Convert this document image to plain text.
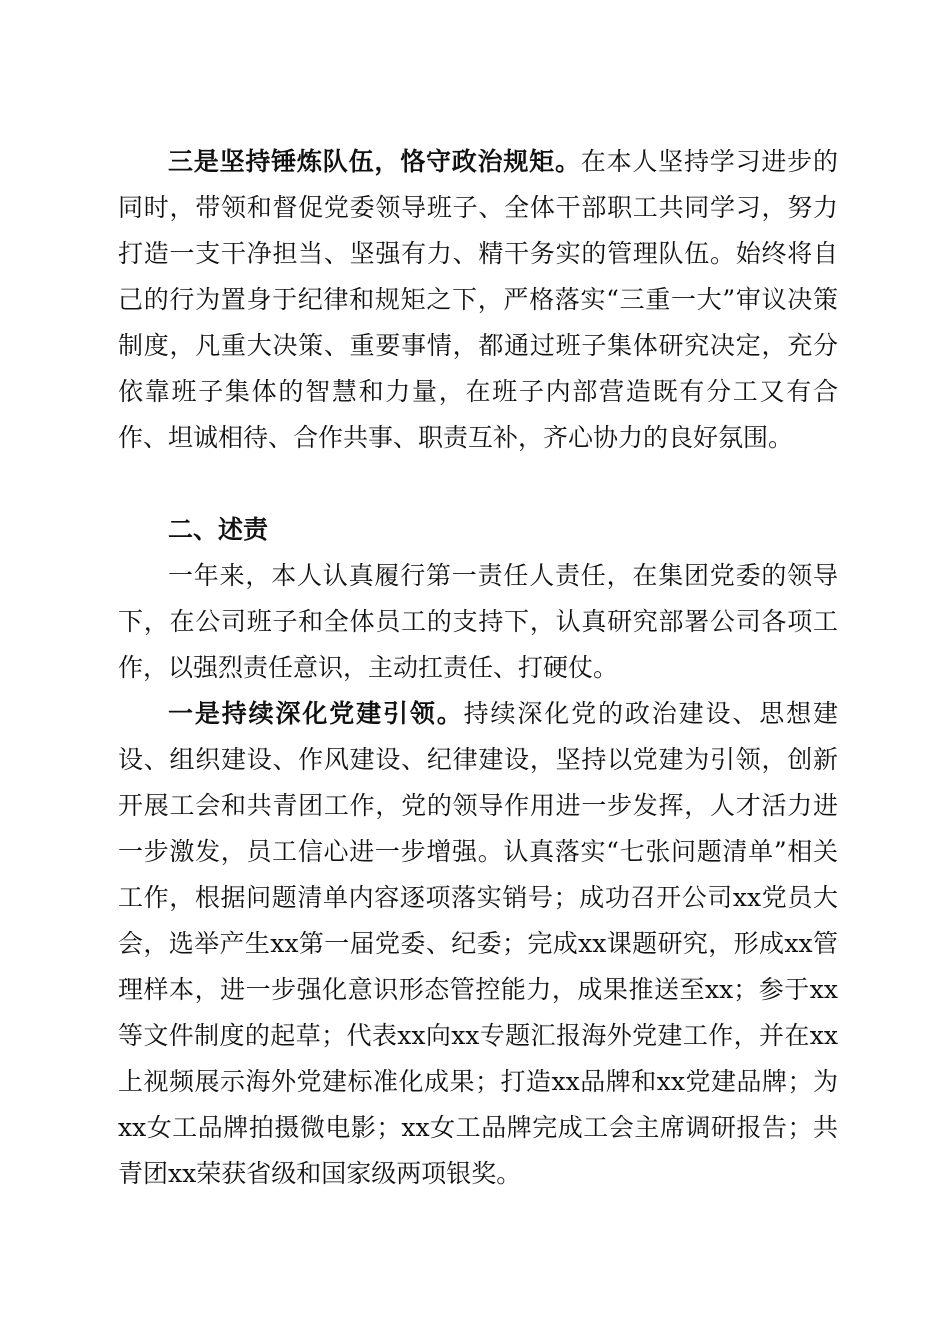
三是坚持锤炼队伍，恪守政治规矩。在本人坚持学习进步的同时，带领和督促党委领导班子、全体干部职工共同学习，努力打造一支干净担当、坚强有力、精干务实的管理队伍。始终将自己的行为置身于纪律和规矩之下，严格落实“三重一大”审议决策制度，凡重大决策、重要事情，都通过班子集体研究决定，充分依靠班子集体的智慧和力量，在班子内部营造既有分工又有合作、坦诚相待、合作共事、职责互补，齐心协力的良好氛围。

二、述责

一年来，本人认真履行第一责任人责任，在集团党委的领导下，在公司班子和全体员工的支持下，认真研究部署公司各项工作，以强烈责任意识，主动扛责任、打硬仗。

一是持续深化党建引领。持续深化党的政治建设、思想建设、组织建设、作风建设、纪律建设，坚持以党建为引领，创新开展工会和共青团工作，党的领导作用进一步发挥，人才活力进一步激发，员工信心进一步增强。认真落实“七张问题清单”相关工作，根据问题清单内容逐项落实销号；成功召开公司xx党员大会，选举产生xx第一届党委、纪委；完成xx课题研究，形成xx管理样本，进一步强化意识形态管控能力，成果推送至xx；参于xx等文件制度的起草；代表xx向xx专题汇报海外党建工作，并在xx上视频展示海外党建标准化成果；打造xx品牌和xx党建品牌；为xx女工品牌拍摄微电影；xx女工品牌完成工会主席调研报告；共青团xx荣获省级和国家级两项银奖。
